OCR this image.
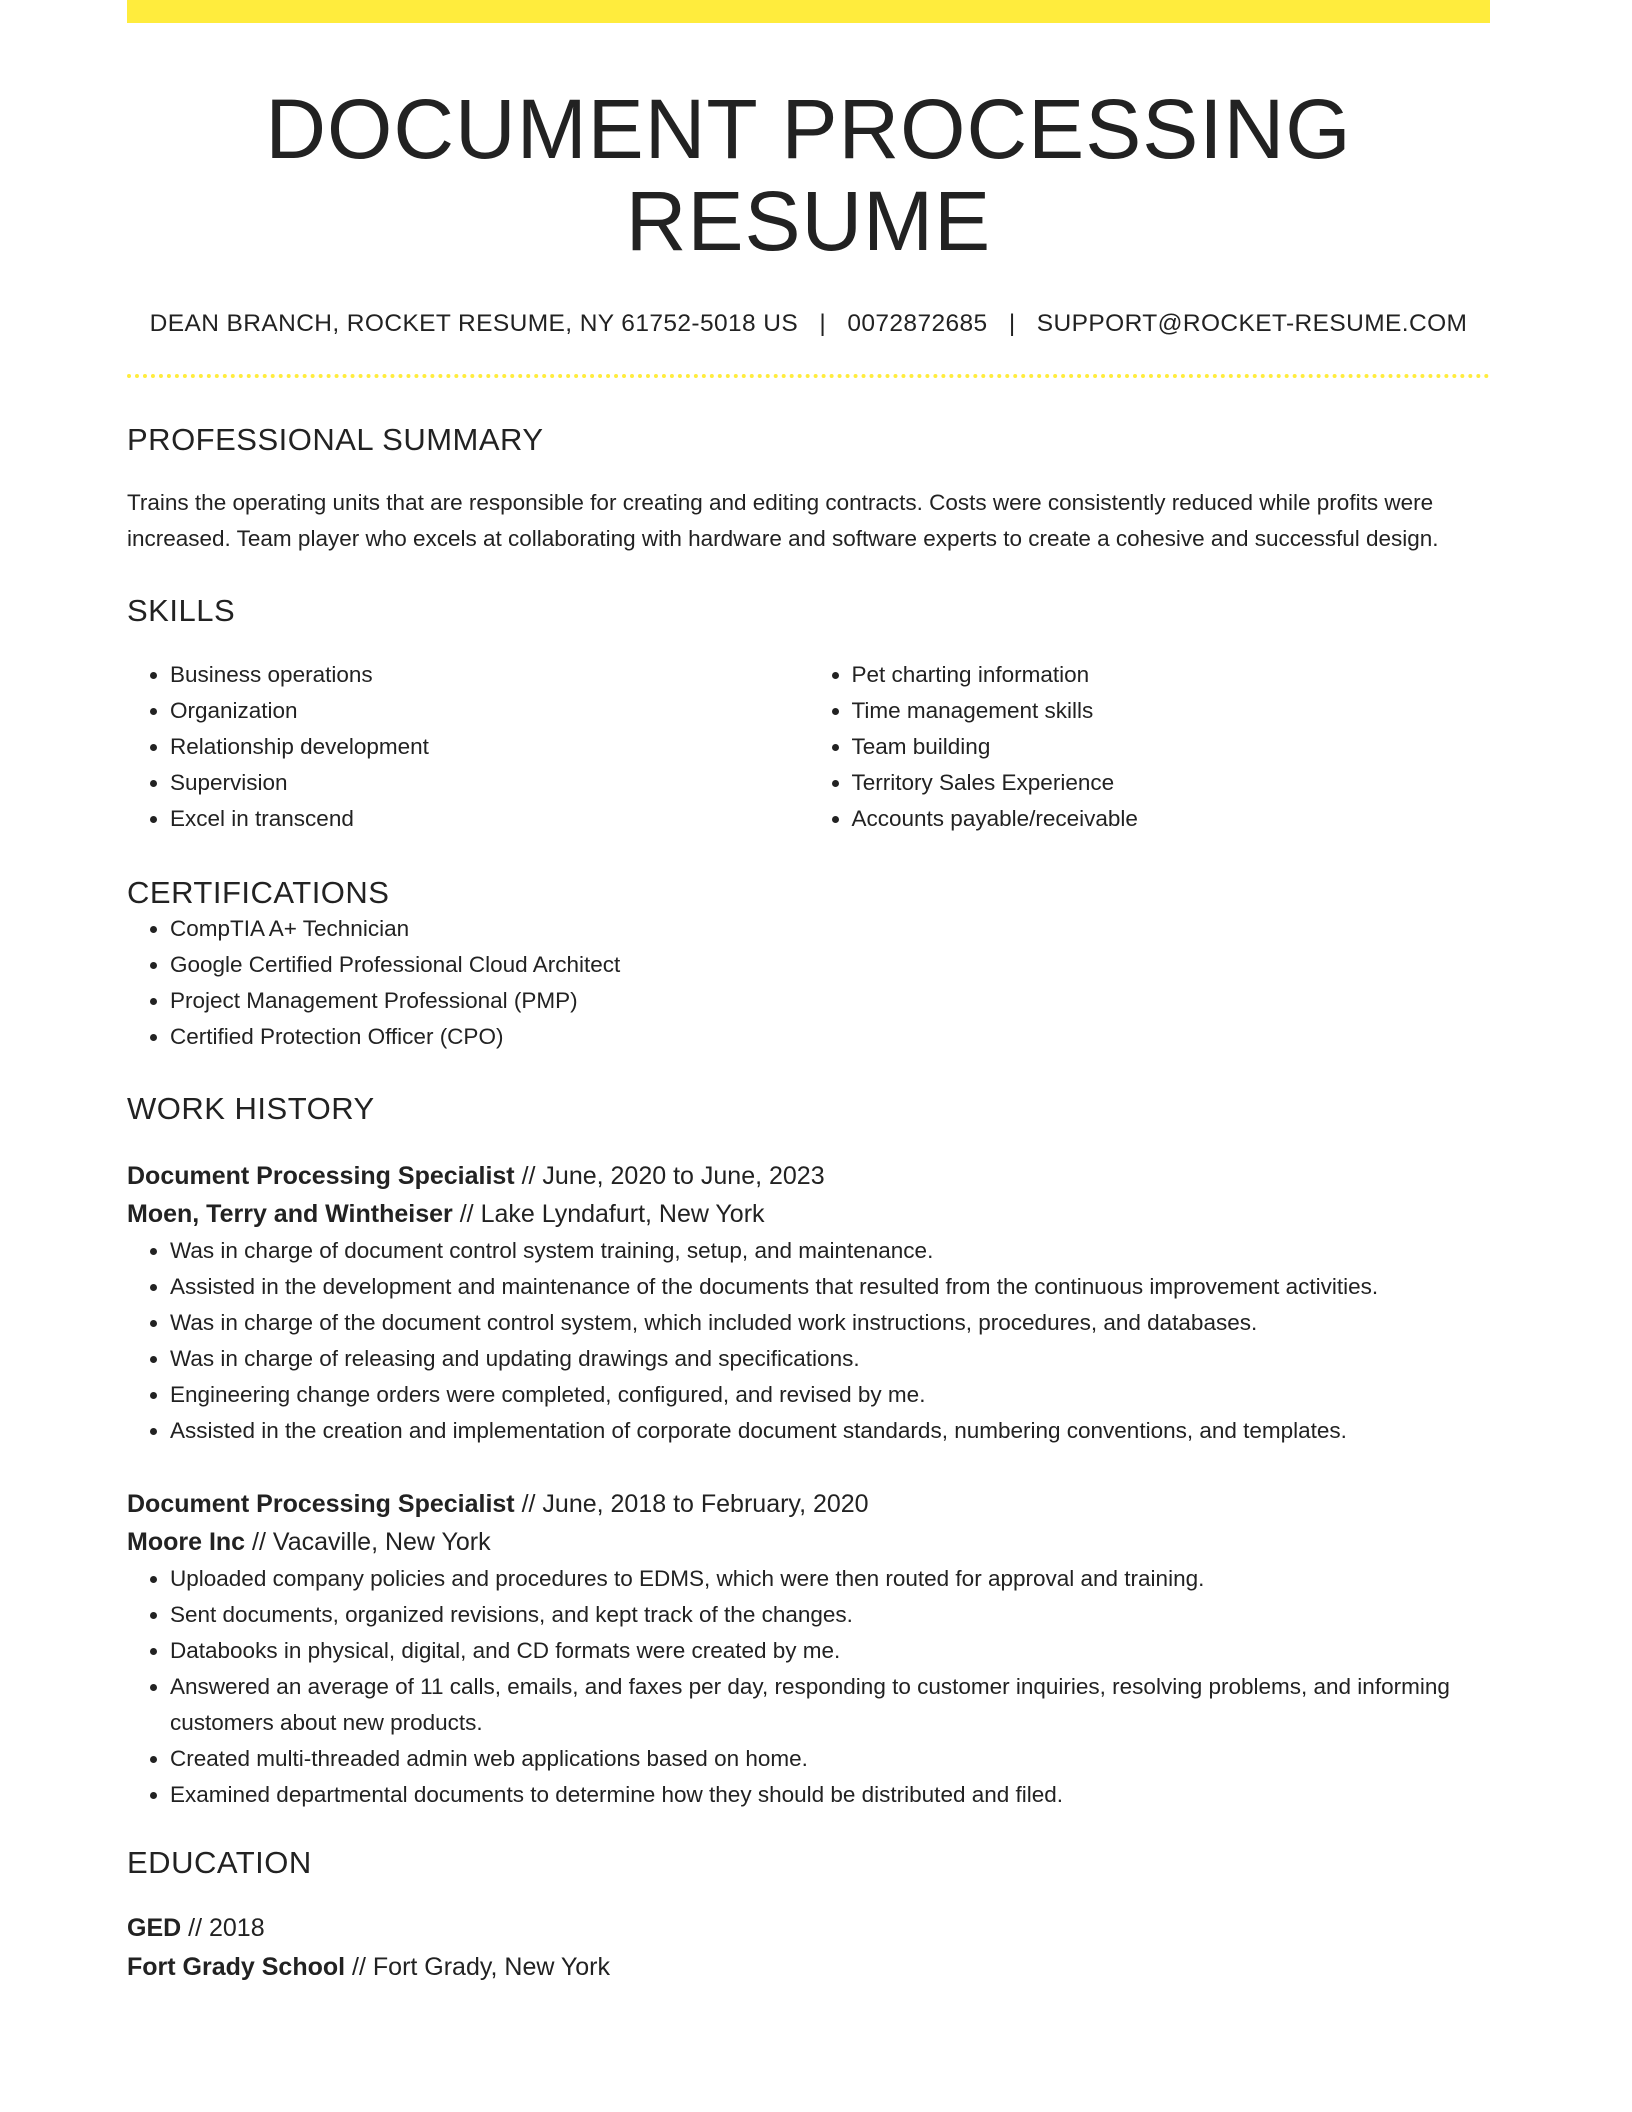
DOCUMENT PROCESSING RESUME
DEAN BRANCH, ROCKET RESUME, NY 61752-5018 US | 0072872685 | SUPPORT@ROCKET-RESUME.COM
PROFESSIONAL SUMMARY

Trains the operating units that are responsible for creating and editing contracts. Costs were consistently reduced while profits were increased. Team player who excels at collaborating with hardware and software experts to create a cohesive and successful design.

SKILLS
• Business operations
• Organization
• Relationship development
• Supervision
• Excel in transcend
• Pet charting information
• Time management skills
• Team building
• Territory Sales Experience
• Accounts payable/receivable
CERTIFICATIONS
• CompTIA A+ Technician
• Google Certified Professional Cloud Architect
• Project Management Professional (PMP)
• Certified Protection Officer (CPO)
WORK HISTORY
Document Processing Specialist // June, 2020 to June, 2023
Moen, Terry and Wintheiser // Lake Lyndafurt, New York
• Was in charge of document control system training, setup, and maintenance.
• Assisted in the development and maintenance of the documents that resulted from the continuous improvement activities.
• Was in charge of the document control system, which included work instructions, procedures, and databases.
• Was in charge of releasing and updating drawings and specifications.
• Engineering change orders were completed, configured, and revised by me.
• Assisted in the creation and implementation of corporate document standards, numbering conventions, and templates.
Document Processing Specialist // June, 2018 to February, 2020
Moore Inc // Vacaville, New York
• Uploaded company policies and procedures to EDMS, which were then routed for approval and training.
• Sent documents, organized revisions, and kept track of the changes.
• Databooks in physical, digital, and CD formats were created by me.
• Answered an average of 11 calls, emails, and faxes per day, responding to customer inquiries, resolving problems, and informing customers about new products.
• Created multi-threaded admin web applications based on home.
• Examined departmental documents to determine how they should be distributed and filed.
EDUCATION
GED // 2018
Fort Grady School // Fort Grady, New York
